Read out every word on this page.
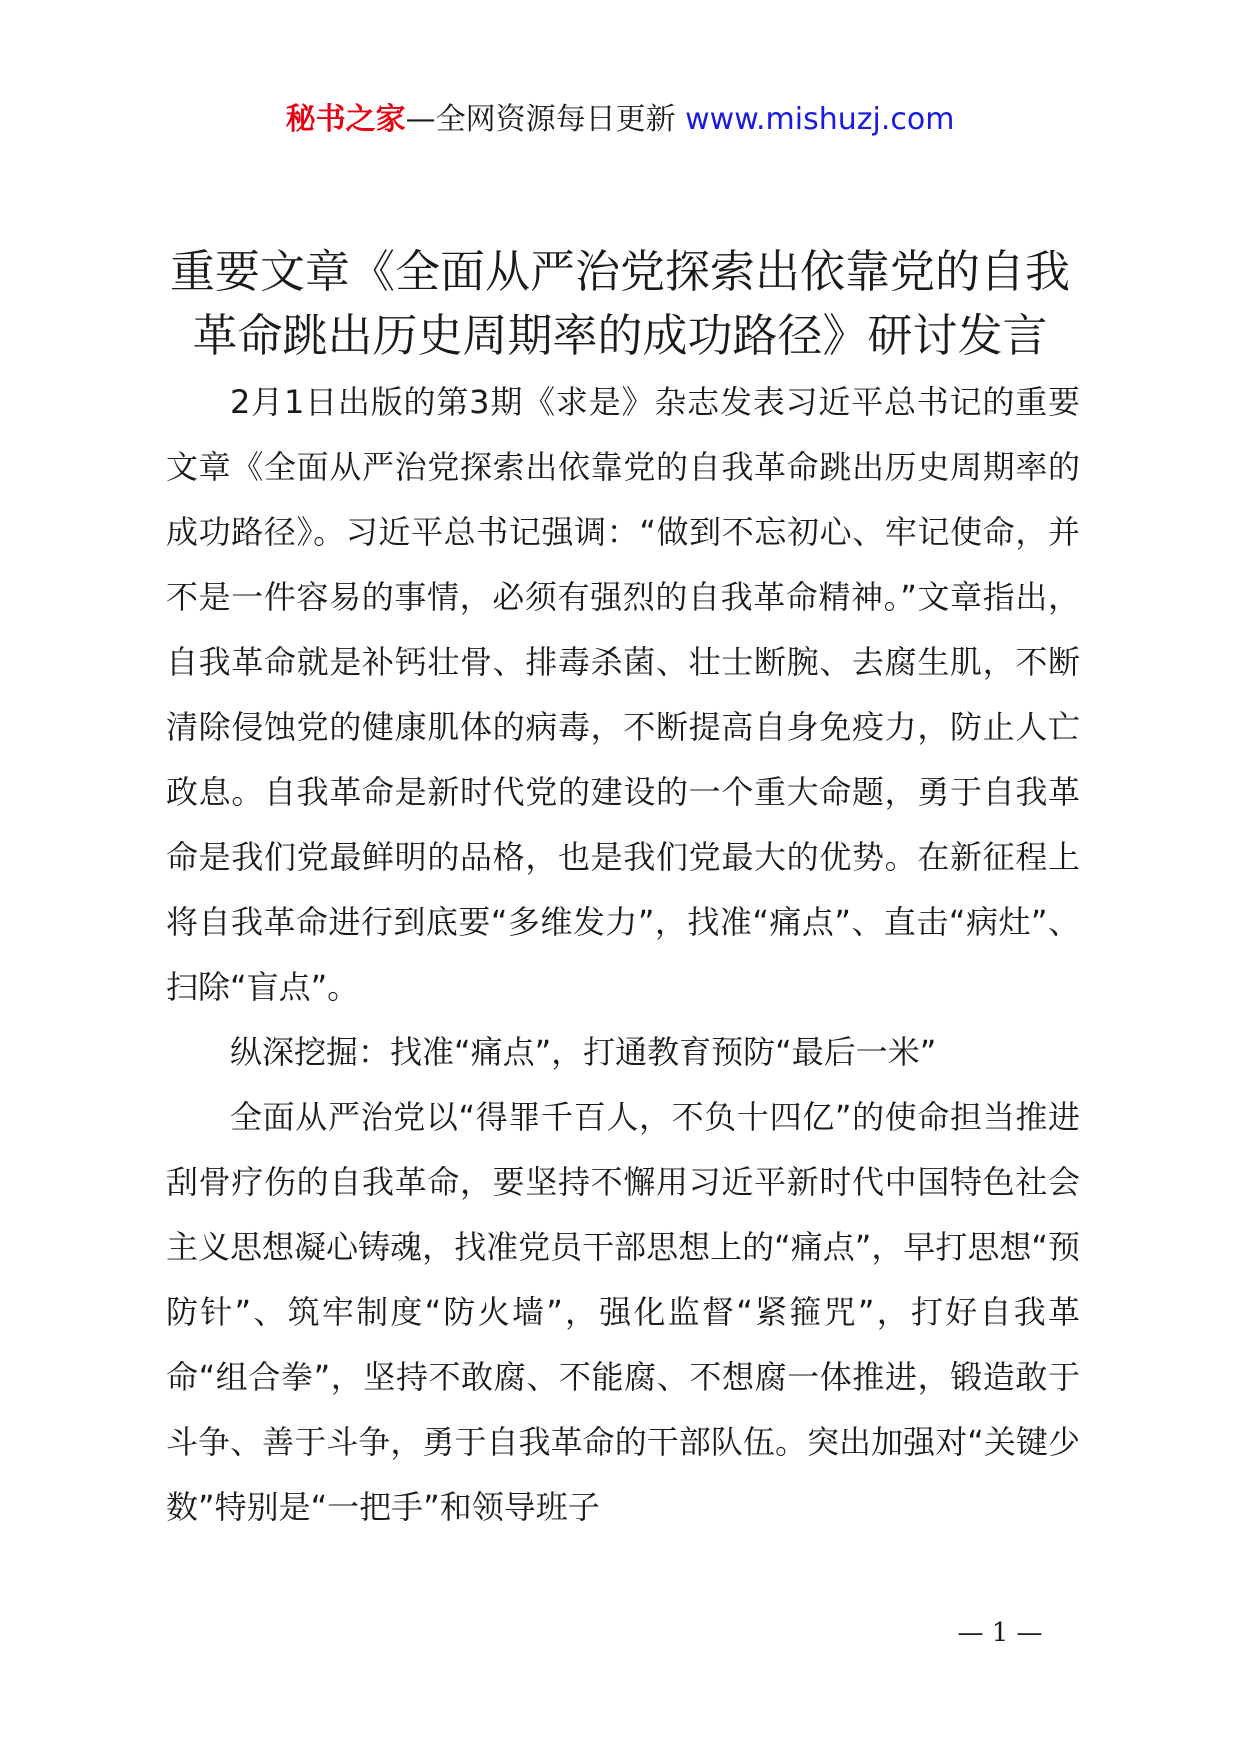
秘书之家—全网资源每日更新 www.mishuzj.com
重要文章《全面从严治党探索出依靠党的自我
革命跳出历史周期率的成功路径》研讨发言

2月1日出版的第3期《求是》杂志发表习近平总书记的重要文章《全面从严治党探索出依靠党的自我革命跳出历史周期率的成功路径》。习近平总书记强调：“做到不忘初心、牢记使命，并不是一件容易的事情，必须有强烈的自我革命精神。”文章指出，自我革命就是补钙壮骨、排毒杀菌、壮士断腕、去腐生肌，不断清除侵蚀党的健康肌体的病毒，不断提高自身免疫力，防止人亡政息。自我革命是新时代党的建设的一个重大命题，勇于自我革命是我们党最鲜明的品格，也是我们党最大的优势。在新征程上将自我革命进行到底要“多维发力”，找准“痛点”、直击“病灶”、扫除“盲点”。

纵深挖掘：找准“痛点”，打通教育预防“最后一米”

全面从严治党以“得罪千百人，不负十四亿”的使命担当推进刮骨疗伤的自我革命，要坚持不懈用习近平新时代中国特色社会主义思想凝心铸魂，找准党员干部思想上的“痛点”，早打思想“预防针”、筑牢制度“防火墙”，强化监督“紧箍咒”，打好自我革命“组合拳”，坚持不敢腐、不能腐、不想腐一体推进，锻造敢于斗争、善于斗争，勇于自我革命的干部队伍。突出加强对“关键少数”特别是“一把手”和领导班子

— 1 —
